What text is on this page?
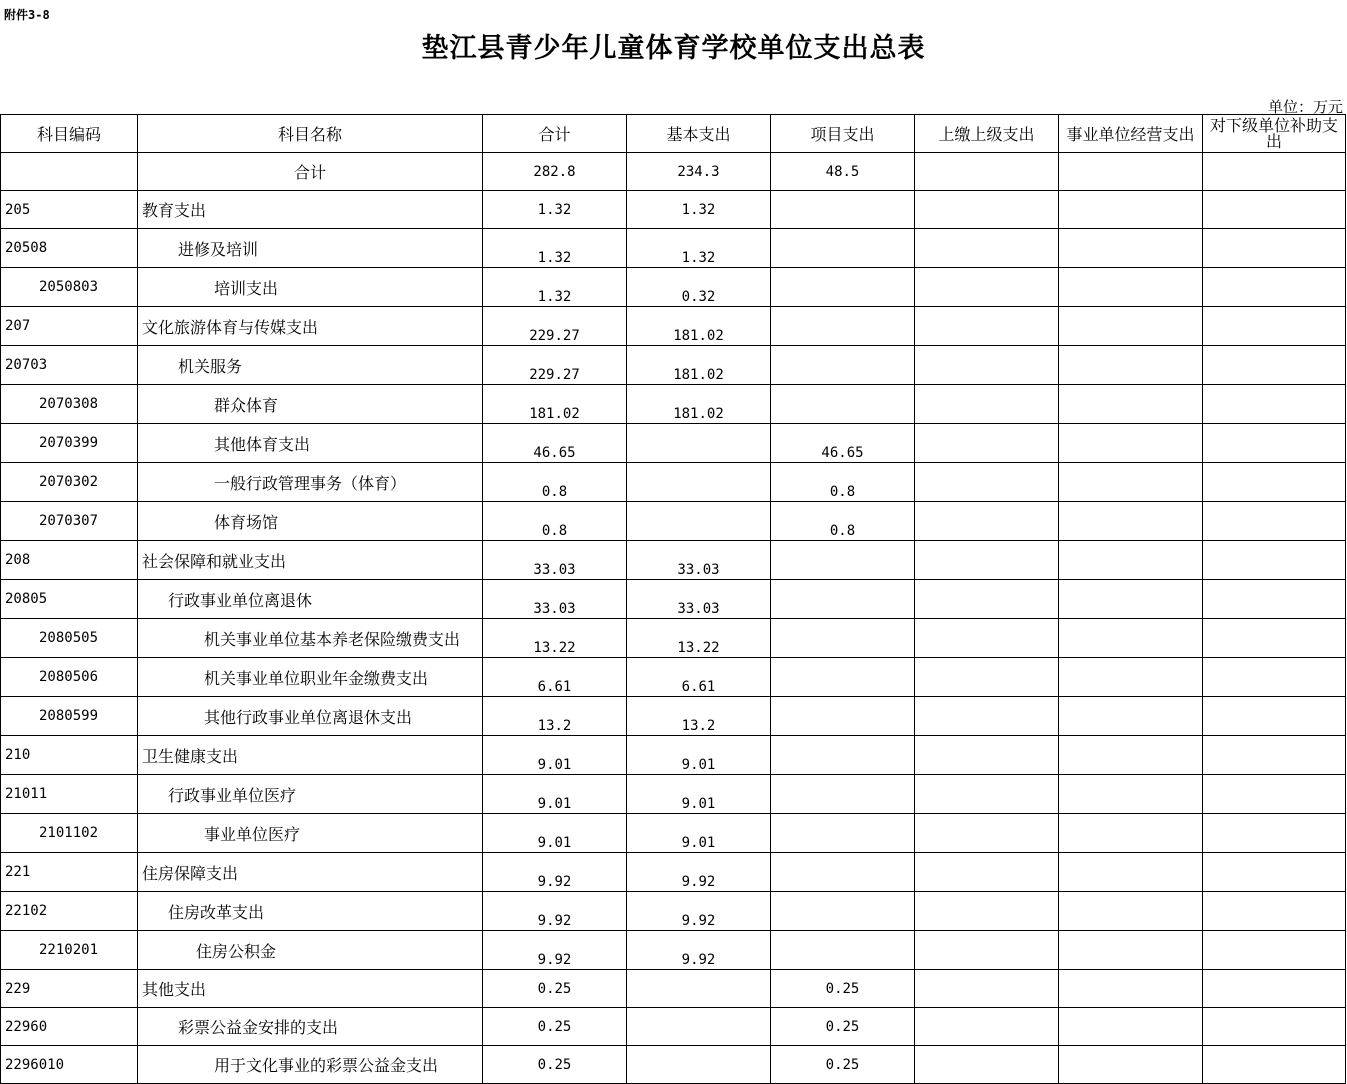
附件3-8
垫江县青少年儿童体育学校单位支出总表
单位：万元
科目编码	科目名称	合计	基本支出	项目支出	上缴上级支出	事业单位经营支出	对下级单位补助支出
	合计	282.8	234.3	48.5			
205	教育支出	1.32	1.32				
20508	进修及培训	1.32	1.32				
2050803	培训支出	1.32	0.32				
207	文化旅游体育与传媒支出	229.27	181.02				
20703	机关服务	229.27	181.02				
2070308	群众体育	181.02	181.02				
2070399	其他体育支出	46.65		46.65			
2070302	一般行政管理事务（体育）	0.8		0.8			
2070307	体育场馆	0.8		0.8			
208	社会保障和就业支出	33.03	33.03				
20805	行政事业单位离退休	33.03	33.03				
2080505	机关事业单位基本养老保险缴费支出	13.22	13.22				
2080506	机关事业单位职业年金缴费支出	6.61	6.61				
2080599	其他行政事业单位离退休支出	13.2	13.2				
210	卫生健康支出	9.01	9.01				
21011	行政事业单位医疗	9.01	9.01				
2101102	事业单位医疗	9.01	9.01				
221	住房保障支出	9.92	9.92				
22102	住房改革支出	9.92	9.92				
2210201	住房公积金	9.92	9.92				
229	其他支出	0.25		0.25			
22960	彩票公益金安排的支出	0.25		0.25			
2296010	用于文化事业的彩票公益金支出	0.25		0.25			
